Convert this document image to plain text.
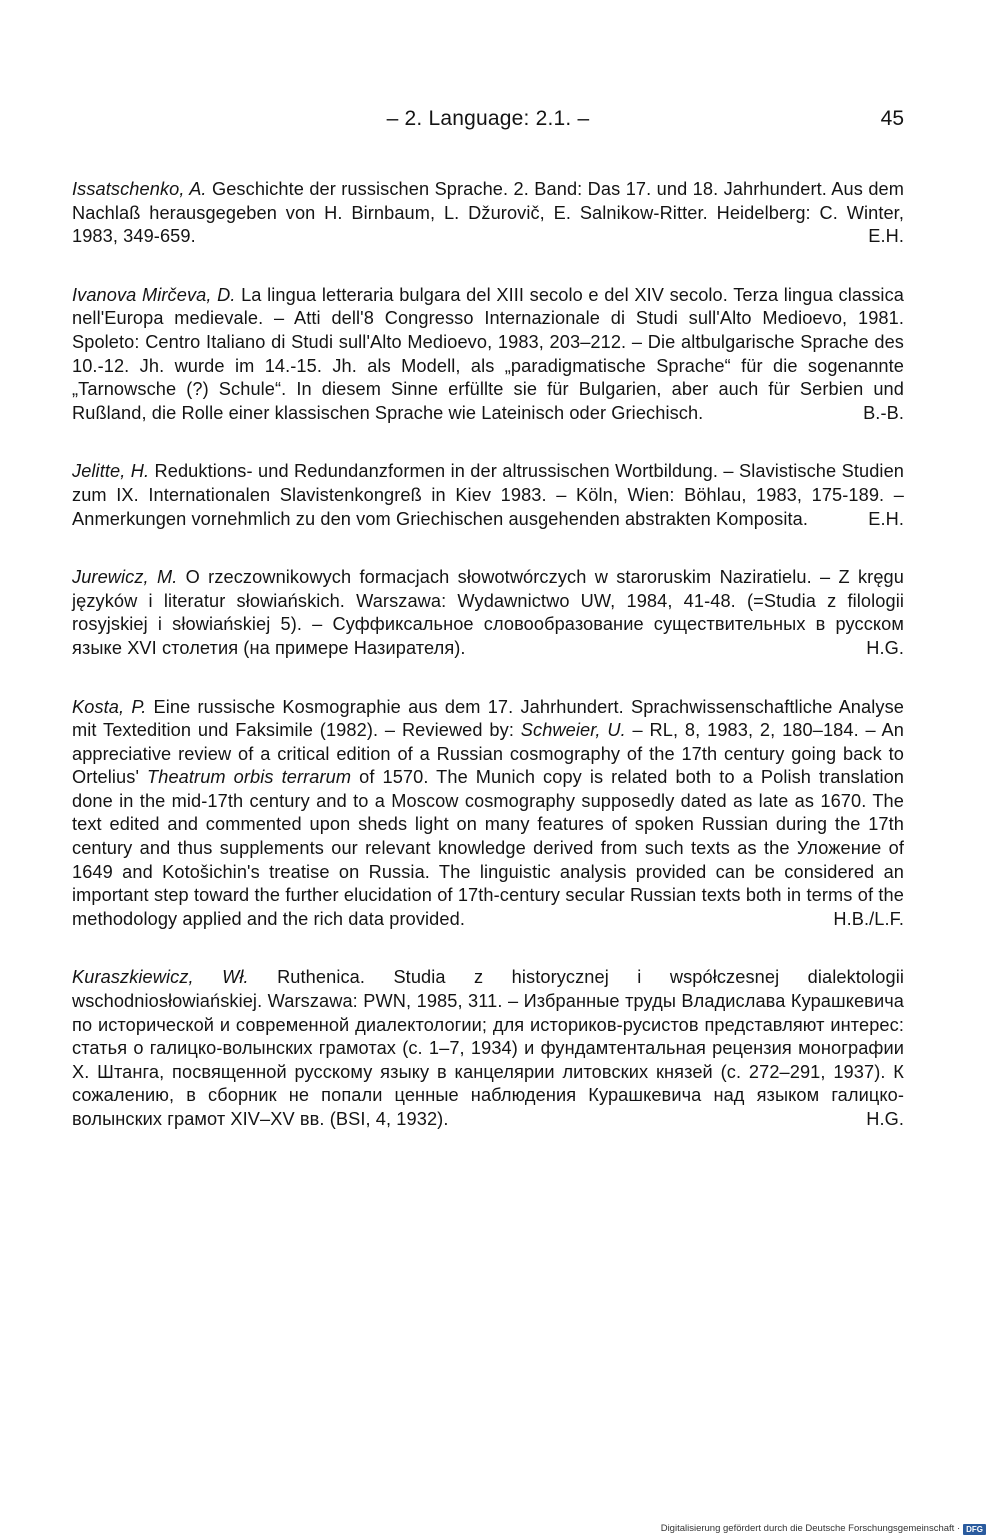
– 2. Language: 2.1. –	45

Issatschenko, A. Geschichte der russischen Sprache. 2. Band: Das 17. und 18. Jahrhundert. Aus dem Nachlaß herausgegeben von H. Birnbaum, L. Džurovič, E. Salnikow-Ritter. Heidelberg: C. Winter, 1983, 349-659.	E.H.

Ivanova Mirčeva, D. La lingua letteraria bulgara del XIII secolo e del XIV secolo. Terza lingua classica nell'Europa medievale. – Atti dell'8 Congresso Internazionale di Studi sull'Alto Medioevo, 1981. Spoleto: Centro Italiano di Studi sull'Alto Medioevo, 1983, 203–212. – Die altbulgarische Sprache des 10.-12. Jh. wurde im 14.-15. Jh. als Modell, als „paradigmatische Sprache“ für die sogenannte „Tarnowsche (?) Schule“. In diesem Sinne erfüllte sie für Bulgarien, aber auch für Serbien und Rußland, die Rolle einer klassischen Sprache wie Lateinisch oder Griechisch.	B.-B.

Jelitte, H. Reduktions- und Redundanzformen in der altrussischen Wortbildung. – Slavistische Studien zum IX. Internationalen Slavistenkongreß in Kiev 1983. – Köln, Wien: Böhlau, 1983, 175-189. – Anmerkungen vornehmlich zu den vom Griechischen ausgehenden abstrakten Komposita.	E.H.

Jurewicz, M. O rzeczownikowych formacjach słowotwórczych w staroruskim Naziratielu. – Z kręgu języków i literatur słowiańskich. Warszawa: Wydawnictwo UW, 1984, 41-48. (=Studia z filologii rosyjskiej i słowiańskiej 5). – Суффиксальное словообразование существительных в русском языке XVI столетия (на примере Назирателя).	H.G.

Kosta, P. Eine russische Kosmographie aus dem 17. Jahrhundert. Sprachwissenschaftliche Analyse mit Textedition und Faksimile (1982). – Reviewed by: Schweier, U. – RL, 8, 1983, 2, 180–184. – An appreciative review of a critical edition of a Russian cosmography of the 17th century going back to Ortelius' Theatrum orbis terrarum of 1570. The Munich copy is related both to a Polish translation done in the mid-17th century and to a Moscow cosmography supposedly dated as late as 1670. The text edited and commented upon sheds light on many features of spoken Russian during the 17th century and thus supplements our relevant knowledge derived from such texts as the Уложение of 1649 and Kotošichin's treatise on Russia. The linguistic analysis provided can be considered an important step toward the further elucidation of 17th-century secular Russian texts both in terms of the methodology applied and the rich data provided.	H.B./L.F.

Kuraszkiewicz, Wł. Ruthenica. Studia z historycznej i współczesnej dialektologii wschodniosłowiańskiej. Warszawa: PWN, 1985, 311. – Избранные труды Владислава Курашкевича по исторической и современной диалектологии; для историков-русистов представляют интерес: статья о галицко-волынских грамотах (с. 1–7, 1934) и фундамтентальная рецензия монографии Х. Штанга, посвященной русскому языку в канцелярии литовских князей (с. 272–291, 1937). К сожалению, в сборник не попали ценные наблюдения Курашкевича над языком галицко-волынских грамот XIV–XV вв. (BSI, 4, 1932).	H.G.

Digitalisierung gefördert durch die Deutsche Forschungsgemeinschaft · DFG
